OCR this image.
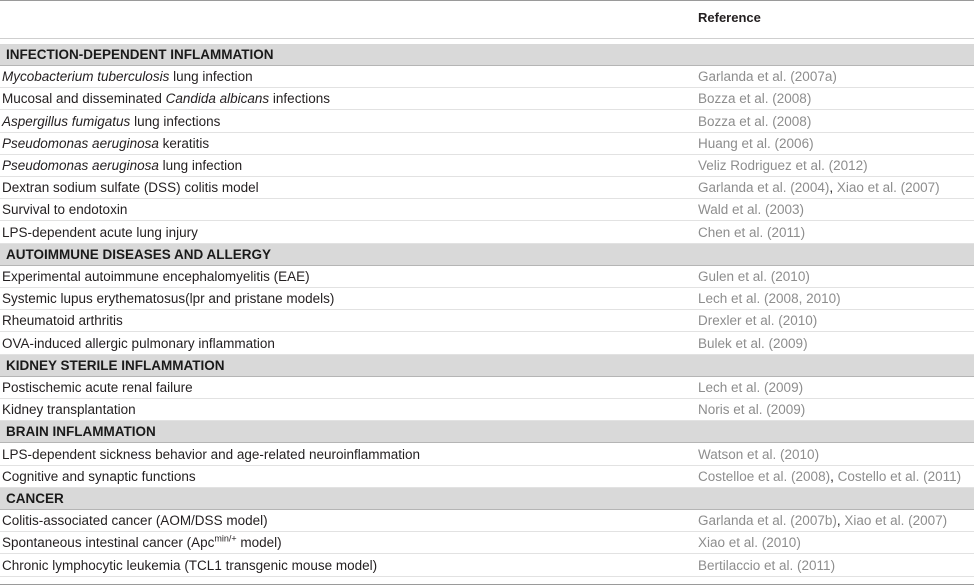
Reference
INFECTION-DEPENDENT INFLAMMATION
Mycobacterium tuberculosis lung infection	Garlanda et al. (2007a)
Mucosal and disseminated Candida albicans infections	Bozza et al. (2008)
Aspergillus fumigatus lung infections	Bozza et al. (2008)
Pseudomonas aeruginosa keratitis	Huang et al. (2006)
Pseudomonas aeruginosa lung infection	Veliz Rodriguez et al. (2012)
Dextran sodium sulfate (DSS) colitis model	Garlanda et al. (2004), Xiao et al. (2007)
Survival to endotoxin	Wald et al. (2003)
LPS-dependent acute lung injury	Chen et al. (2011)
AUTOIMMUNE DISEASES AND ALLERGY
Experimental autoimmune encephalomyelitis (EAE)	Gulen et al. (2010)
Systemic lupus erythematosus(lpr and pristane models)	Lech et al. (2008, 2010)
Rheumatoid arthritis	Drexler et al. (2010)
OVA-induced allergic pulmonary inflammation	Bulek et al. (2009)
KIDNEY STERILE INFLAMMATION
Postischemic acute renal failure	Lech et al. (2009)
Kidney transplantation	Noris et al. (2009)
BRAIN INFLAMMATION
LPS-dependent sickness behavior and age-related neuroinflammation	Watson et al. (2010)
Cognitive and synaptic functions	Costelloe et al. (2008), Costello et al. (2011)
CANCER
Colitis-associated cancer (AOM/DSS model)	Garlanda et al. (2007b), Xiao et al. (2007)
Spontaneous intestinal cancer (Apc$^{min/+}$ model)	Xiao et al. (2010)
Chronic lymphocytic leukemia (TCL1 transgenic mouse model)	Bertilaccio et al. (2011)
